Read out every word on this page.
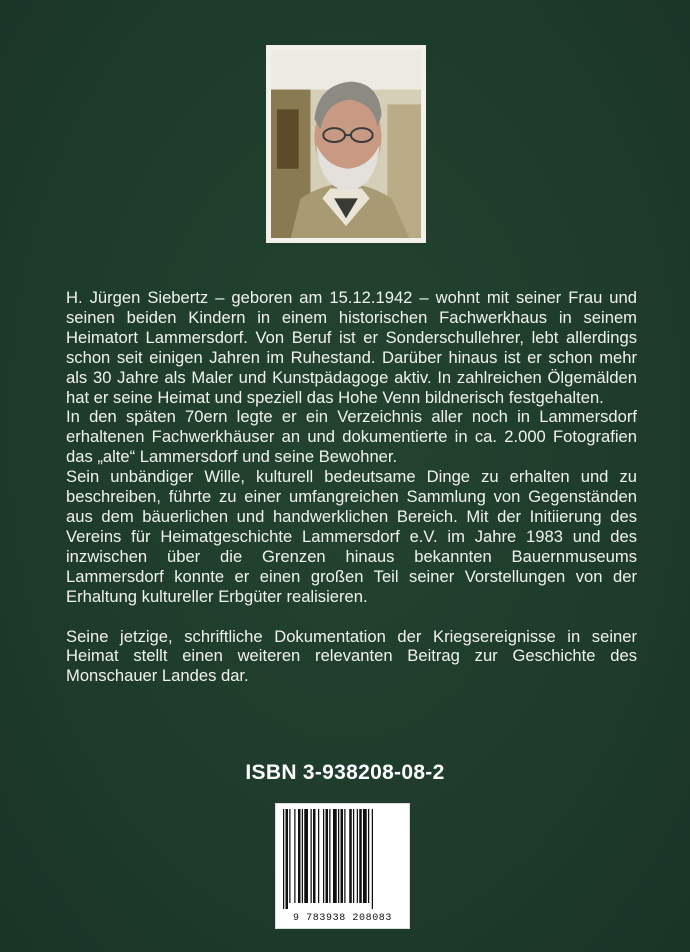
H. Jürgen Siebertz – geboren am 15.12.1942 – wohnt mit seiner Frau und seinen beiden Kindern in einem historischen Fachwerkhaus in seinem Heimatort Lammersdorf. Von Beruf ist er Sonderschullehrer, lebt allerdings schon seit einigen Jahren im Ruhestand. Darüber hinaus ist er schon mehr als 30 Jahre als Maler und Kunstpädagoge aktiv. In zahlreichen Ölgemälden hat er seine Heimat und speziell das Hohe Venn bildnerisch festgehalten.

In den späten 70ern legte er ein Verzeichnis aller noch in Lammersdorf erhaltenen Fachwerkhäuser an und dokumentierte in ca. 2.000 Fotografien das „alte“ Lammersdorf und seine Bewohner.

Sein unbändiger Wille, kulturell bedeutsame Dinge zu erhalten und zu beschreiben, führte zu einer umfangreichen Sammlung von Gegenständen aus dem bäuerlichen und handwerklichen Bereich. Mit der Initiierung des Vereins für Heimatgeschichte Lammersdorf e.V. im Jahre 1983 und des inzwischen über die Grenzen hinaus bekannten Bauernmuseums Lammersdorf konnte er einen großen Teil seiner Vorstellungen von der Erhaltung kultureller Erbgüter realisieren.

Seine jetzige, schriftliche Dokumentation der Kriegsereignisse in seiner Heimat stellt einen weiteren relevanten Beitrag zur Geschichte des Monschauer Landes dar.

ISBN 3-938208-08-2
9 783938 208083
